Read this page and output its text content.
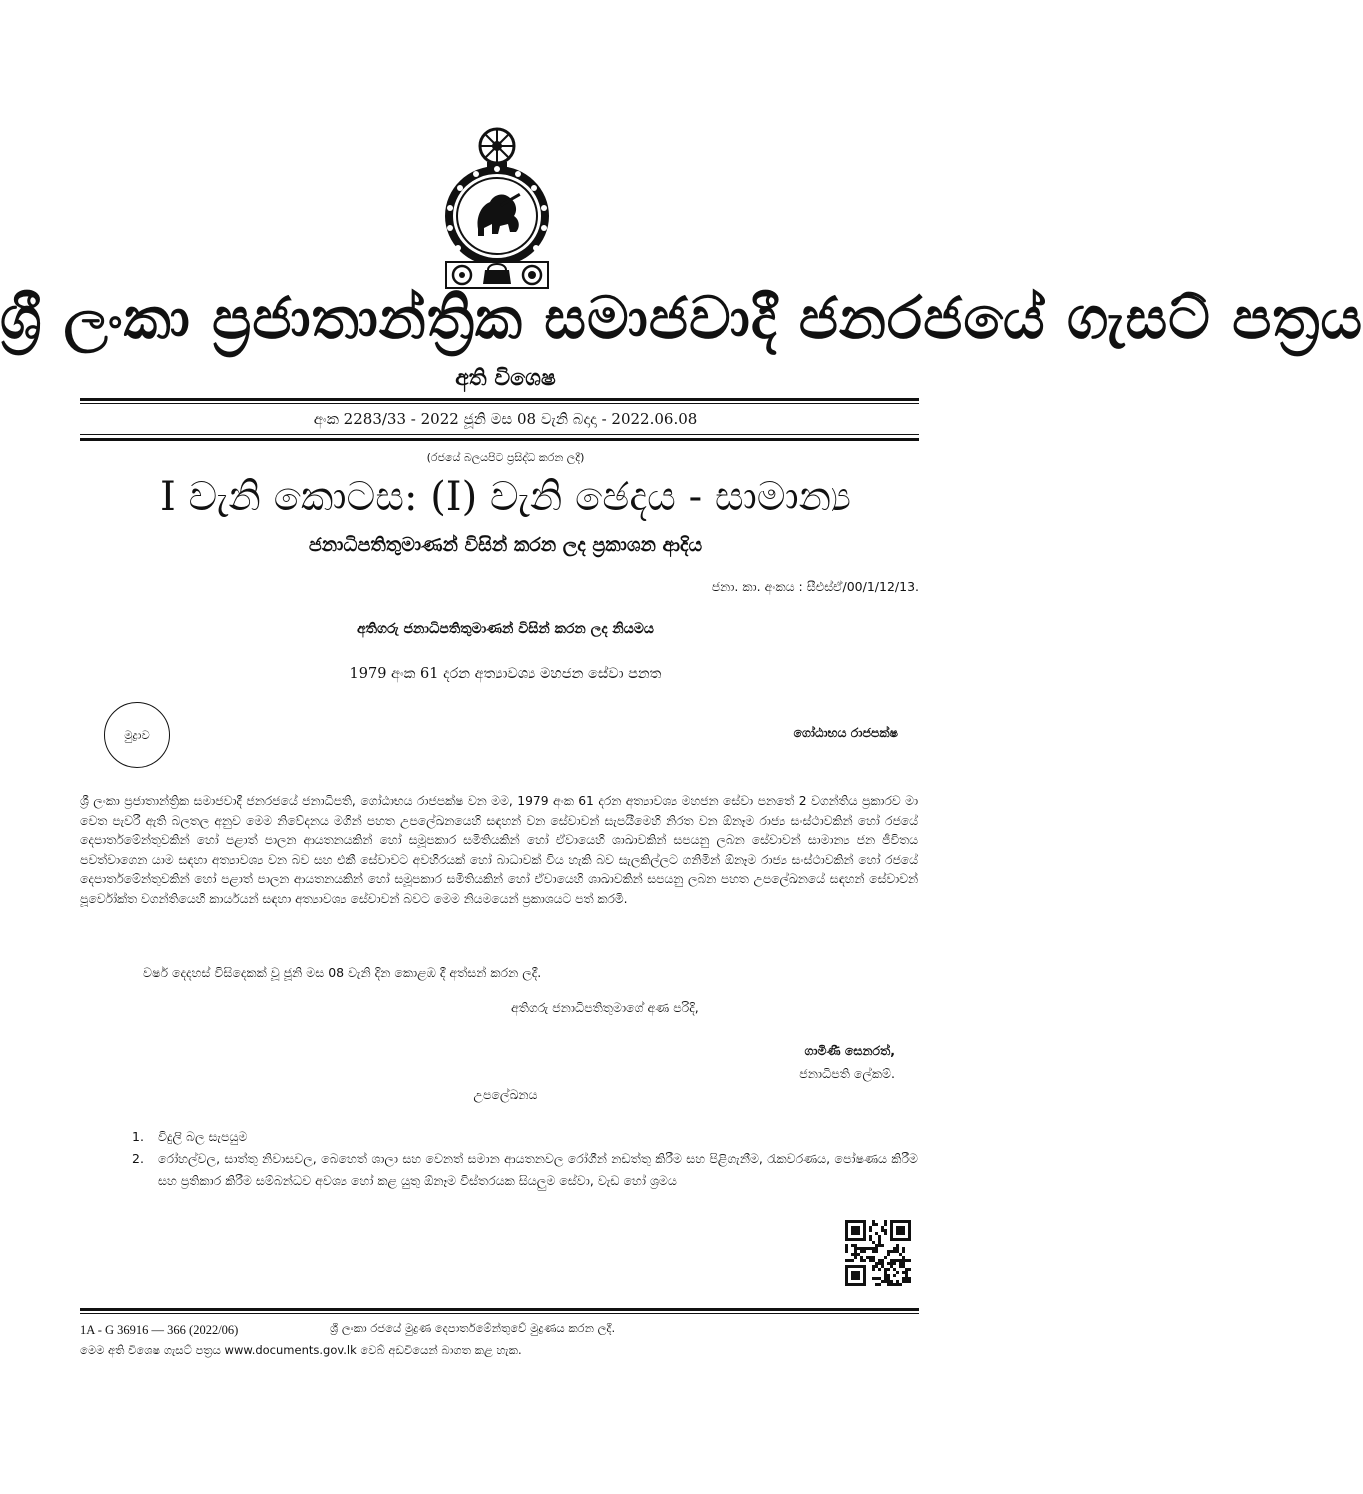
ශ්‍රී ලංකා ප්‍රජාතාන්ත්‍රික සමාජවාදී ජනරජයේ ගැසට් පත්‍රය
අති විශෙෂ
අංක 2283/33 - 2022 ජූනි මස 08 වැනි බදාදා - 2022.06.08
(රජයේ බලයපිට ප්‍රසිද්ධ කරන ලදී)
I වැනි කොටස: (I) වැනි ඡෙදය - සාමාන්‍ය
ජනාධිපතිතුමාණන් විසින් කරන ලද ප්‍රකාශන ආදිය
ජනා. කා. අංකය : සීඑස්ඒ/00/1/12/13.
අතිගරු ජනාධිපතිතුමාණන් විසින් කරන ලද නියමය
1979 අංක 61 දරන අත්‍යාවශ්‍ය මහජන සේවා පනත
මුද්‍රාව	ගෝඨාභය රාජපක්ෂ
ශ්‍රී ලංකා ප්‍රජාතාන්ත්‍රික සමාජවාදී ජනරජයේ ජනාධිපති, ගෝඨාභය රාජපක්ෂ වන මම, 1979 අංක 61 දරන අත්‍යාවශ්‍ය මහජන සේවා පනතේ 2 වගන්තිය ප්‍රකාරව මා වෙත පැවරී ඇති බලතල අනුව මෙම නිවේදනය මගින් පහත උපලේඛනයෙහි සඳහන් වන සේවාවන් සැපයීමෙහි නිරත වන ඕනෑම රාජ්‍ය සංස්ථාවකින් හෝ රජයේ දෙපාර්තමේන්තුවකින් හෝ පළාත් පාලන ආයතනයකින් හෝ සමූපකාර සමිතියකින් හෝ ඒවායෙහි ශාඛාවකින් සපයනු ලබන සේවාවන් සාමාන්‍ය ජන ජීවිතය පවත්වාගෙන යාම සඳහා අත්‍යාවශ්‍ය වන බව සහ එකී සේවාවට අවහිරයක් හෝ බාධාවක් විය හැකි බව සැලකිල්ලට ගනිමින් ඕනෑම රාජ්‍ය සංස්ථාවකින් හෝ රජයේ දෙපාර්තමේන්තුවකින් හෝ පළාත් පාලන ආයතනයකින් හෝ සමූපකාර සමිතියකින් හෝ ඒවායෙහි ශාඛාවකින් සපයනු ලබන පහත උපලේඛනයේ සඳහන් සේවාවන් පූර්වෝක්ත වගන්තියෙහි කාර්යයන් සඳහා අත්‍යාවශ්‍ය සේවාවන් බවට මෙම නියමයෙන් ප්‍රකාශයට පත් කරමි.
වර්ෂ දෙදහස් විසිදෙකක් වූ ජූනි මස 08 වැනි දින කොළඹ දී අත්සන් කරන ලදී.
අතිගරු ජනාධිපතිතුමාගේ අණ පරිදි,
ගාමිණී සෙනරත්,
ජනාධිපති ලේකම්.
උපලේඛනය
1.	විදුලි බල සැපයුම
2.	රෝහල්වල, සාත්තු නිවාසවල, බෙහෙත් ශාලා සහ වෙනත් සමාන ආයතනවල රෝගීන් නඩත්තු කිරීම සහ පිළිගැනීම, රැකවරණය, පෝෂණය කිරීම සහ ප්‍රතිකාර කිරීම සම්බන්ධව අවශ්‍ය හෝ කළ යුතු ඕනෑම විස්තරයක සියලුම සේවා, වැඩ හෝ ශ්‍රමය
1A - G 36916 — 366 (2022/06)	ශ්‍රී ලංකා රජයේ මුද්‍රණ දෙපාර්තමේන්තුවේ මුද්‍රණය කරන ලදී.
මෙම අති විශෙෂ ගැසට් පත්‍රය www.documents.gov.lk වෙබ් අඩවියෙන් බාගත කළ හැක.
